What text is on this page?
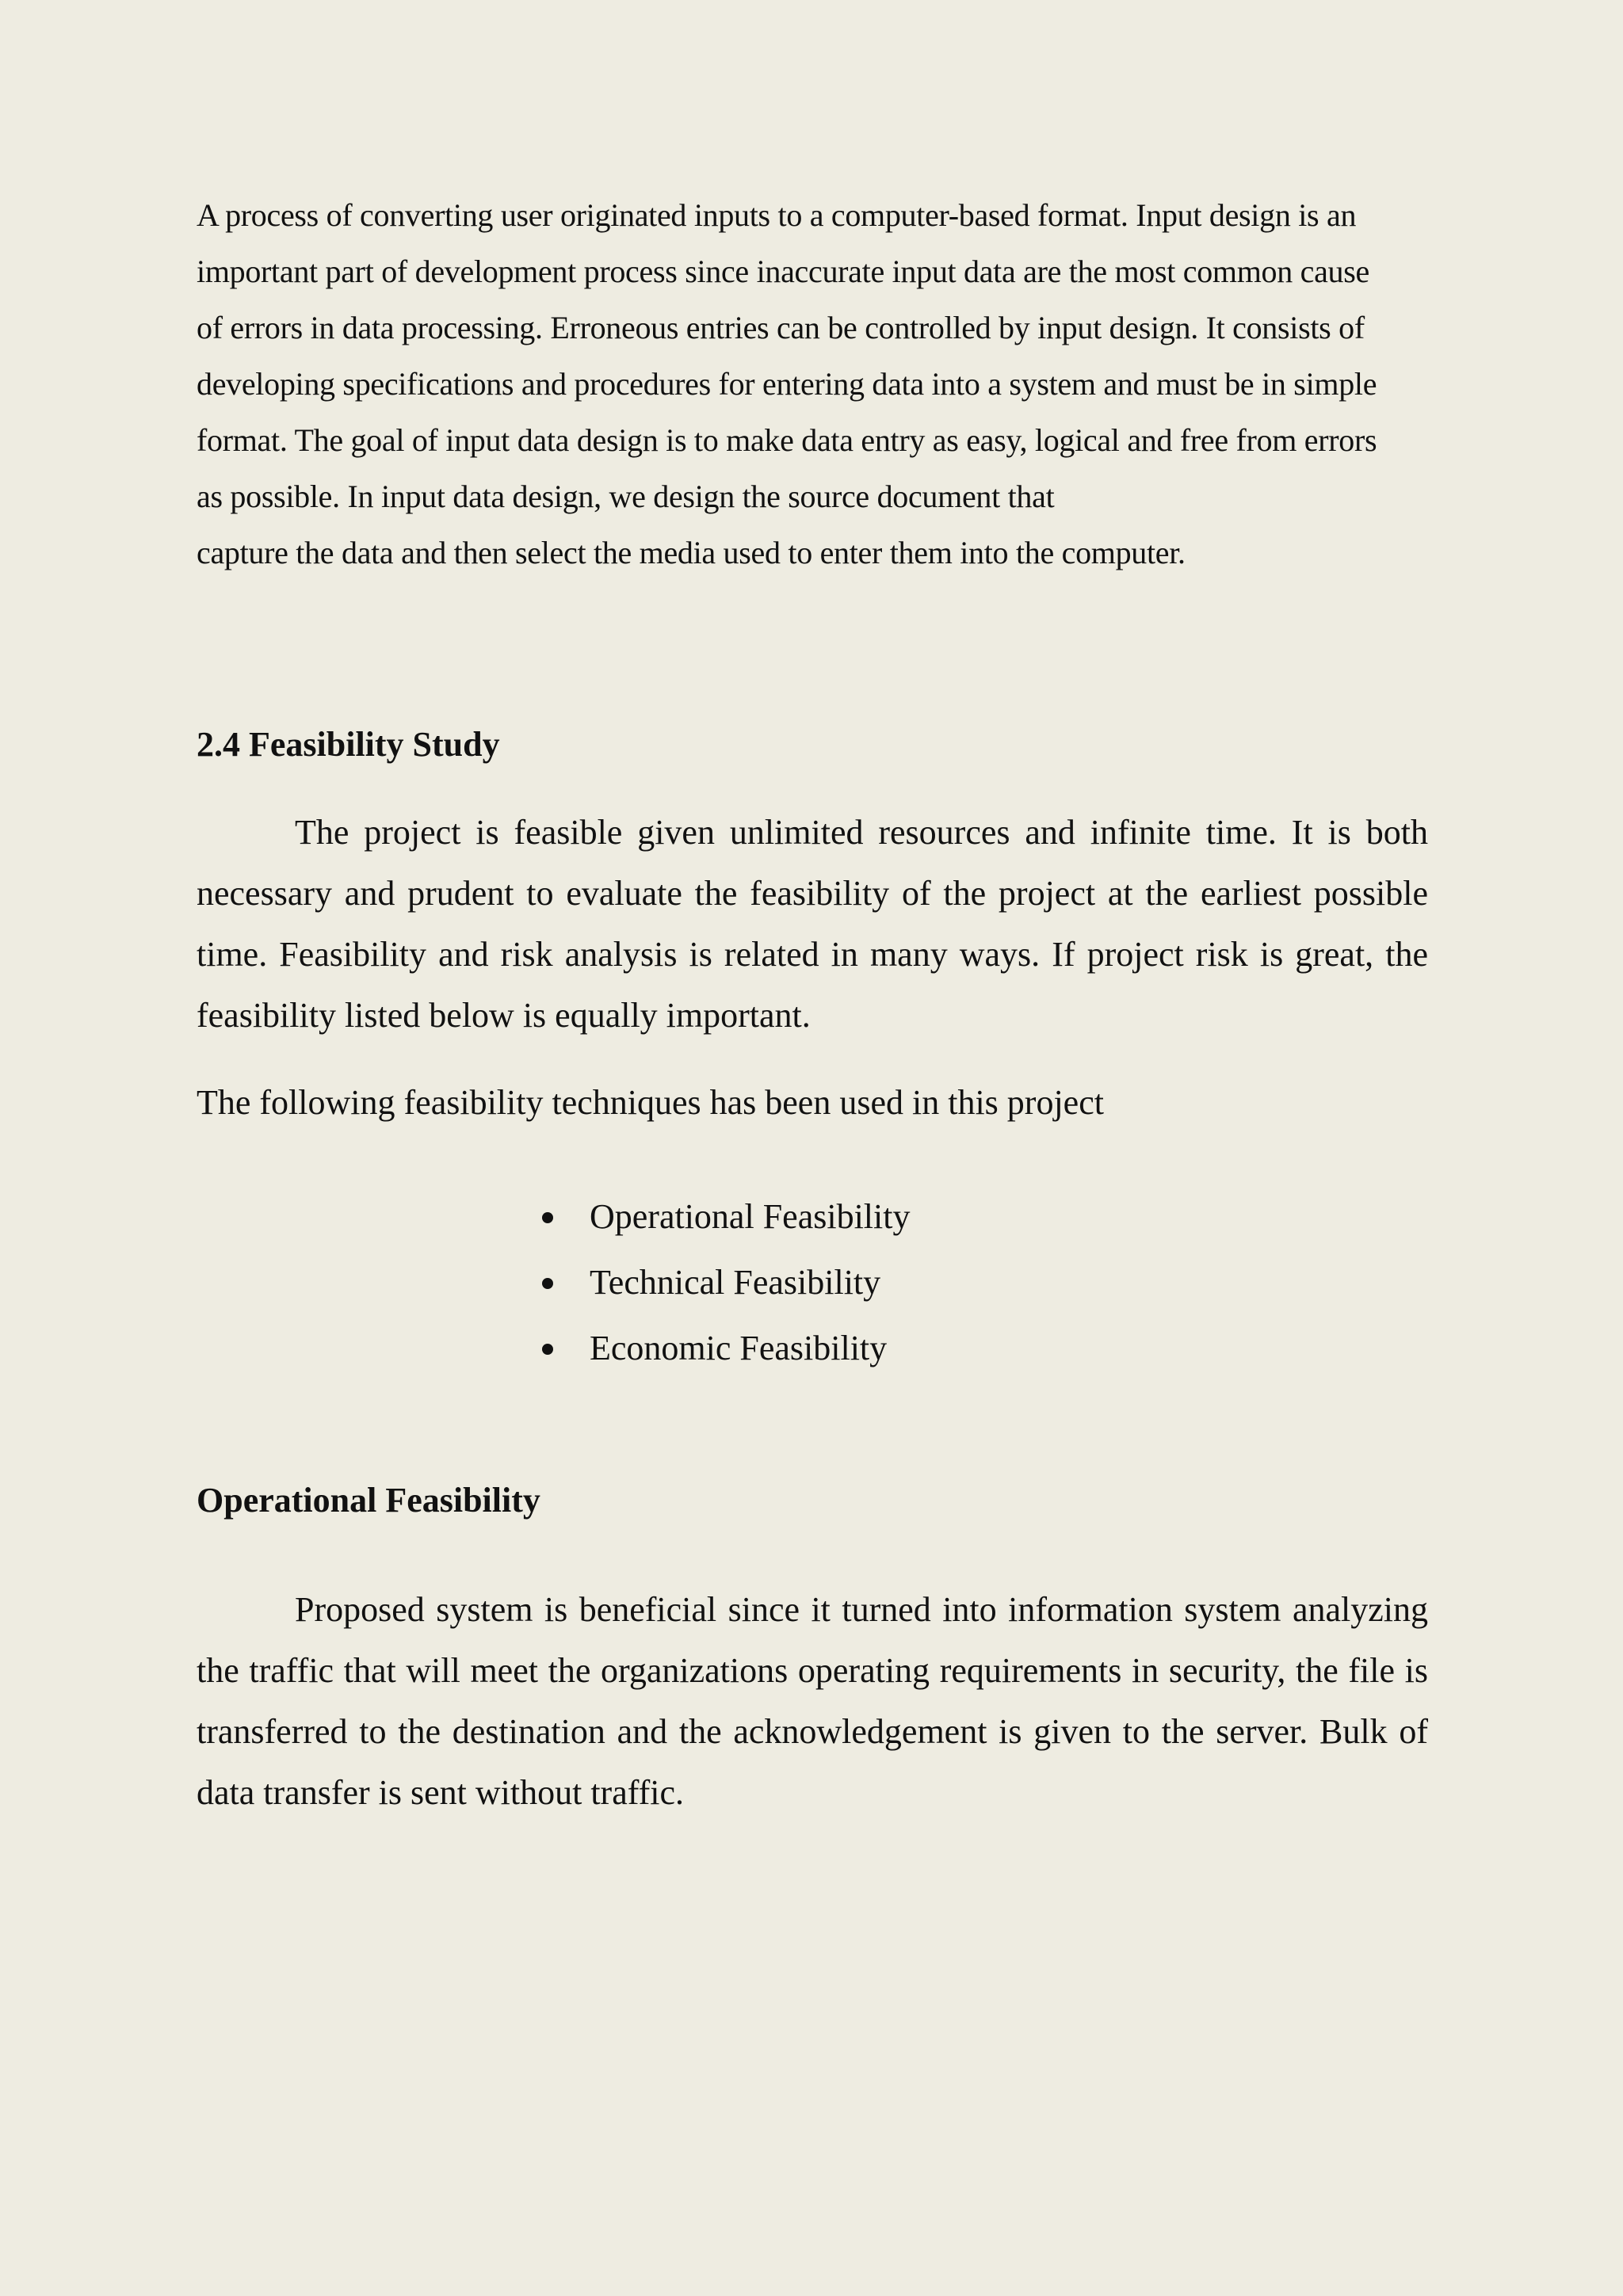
A process of converting user originated inputs to a computer-based format. Input design is an
important part of development process since inaccurate input data are the most common cause
of errors in data processing. Erroneous entries can be controlled by input design. It consists of
developing specifications and procedures for entering data into a system and must be in simple
format. The goal of input data design is to make data entry as easy, logical and free from errors
as possible. In input data design, we design the source document that
capture the data and then select the media used to enter them into the computer.
2.4 Feasibility Study

The project is feasible given unlimited resources and infinite time. It is both necessary and prudent to evaluate the feasibility of the project at the earliest possible time. Feasibility and risk analysis is related in many ways. If project risk is great, the feasibility listed below is equally important.

The following feasibility techniques has been used in this project
Operational Feasibility
Technical Feasibility
Economic Feasibility
Operational Feasibility

Proposed system is beneficial since it turned into information system analyzing the traffic that will meet the organizations operating requirements in security, the file is transferred to the destination and the acknowledgement is given to the server. Bulk of data transfer is sent without traffic.
